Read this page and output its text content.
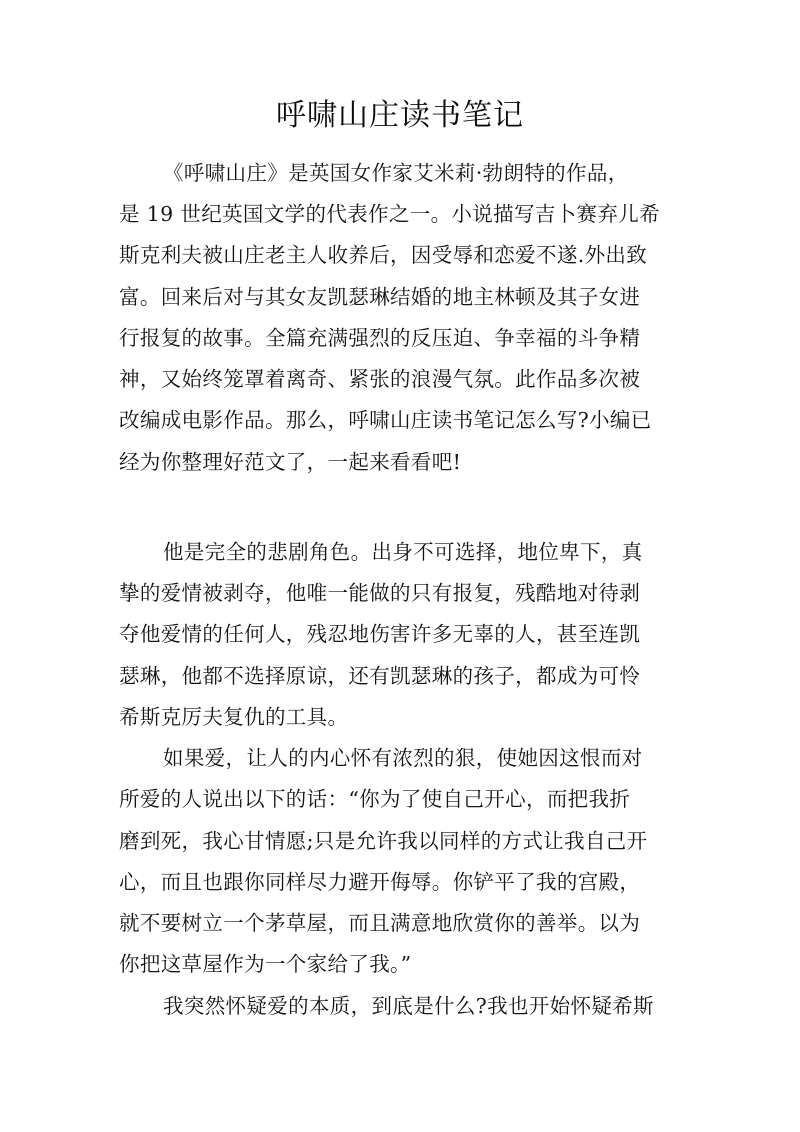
呼啸山庄读书笔记
《呼啸山庄》是英国女作家艾米莉·勃朗特的作品，
是 19 世纪英国文学的代表作之一。小说描写吉卜赛弃儿希
斯克利夫被山庄老主人收养后，因受辱和恋爱不遂.外出致
富。回来后对与其女友凯瑟琳结婚的地主林顿及其子女进
行报复的故事。全篇充满强烈的反压迫、争幸福的斗争精
神，又始终笼罩着离奇、紧张的浪漫气氛。此作品多次被
改编成电影作品。那么，呼啸山庄读书笔记怎么写?小编已
经为你整理好范文了，一起来看看吧!
他是完全的悲剧角色。出身不可选择，地位卑下，真
挚的爱情被剥夺，他唯一能做的只有报复，残酷地对待剥
夺他爱情的任何人，残忍地伤害许多无辜的人，甚至连凯
瑟琳，他都不选择原谅，还有凯瑟琳的孩子，都成为可怜
希斯克厉夫复仇的工具。
如果爱，让人的内心怀有浓烈的狠，使她因这恨而对
所爱的人说出以下的话：“你为了使自己开心，而把我折
磨到死，我心甘情愿;只是允许我以同样的方式让我自己开
心，而且也跟你同样尽力避开侮辱。你铲平了我的宫殿，
就不要树立一个茅草屋，而且满意地欣赏你的善举。以为
你把这草屋作为一个家给了我。”
我突然怀疑爱的本质，到底是什么?我也开始怀疑希斯
